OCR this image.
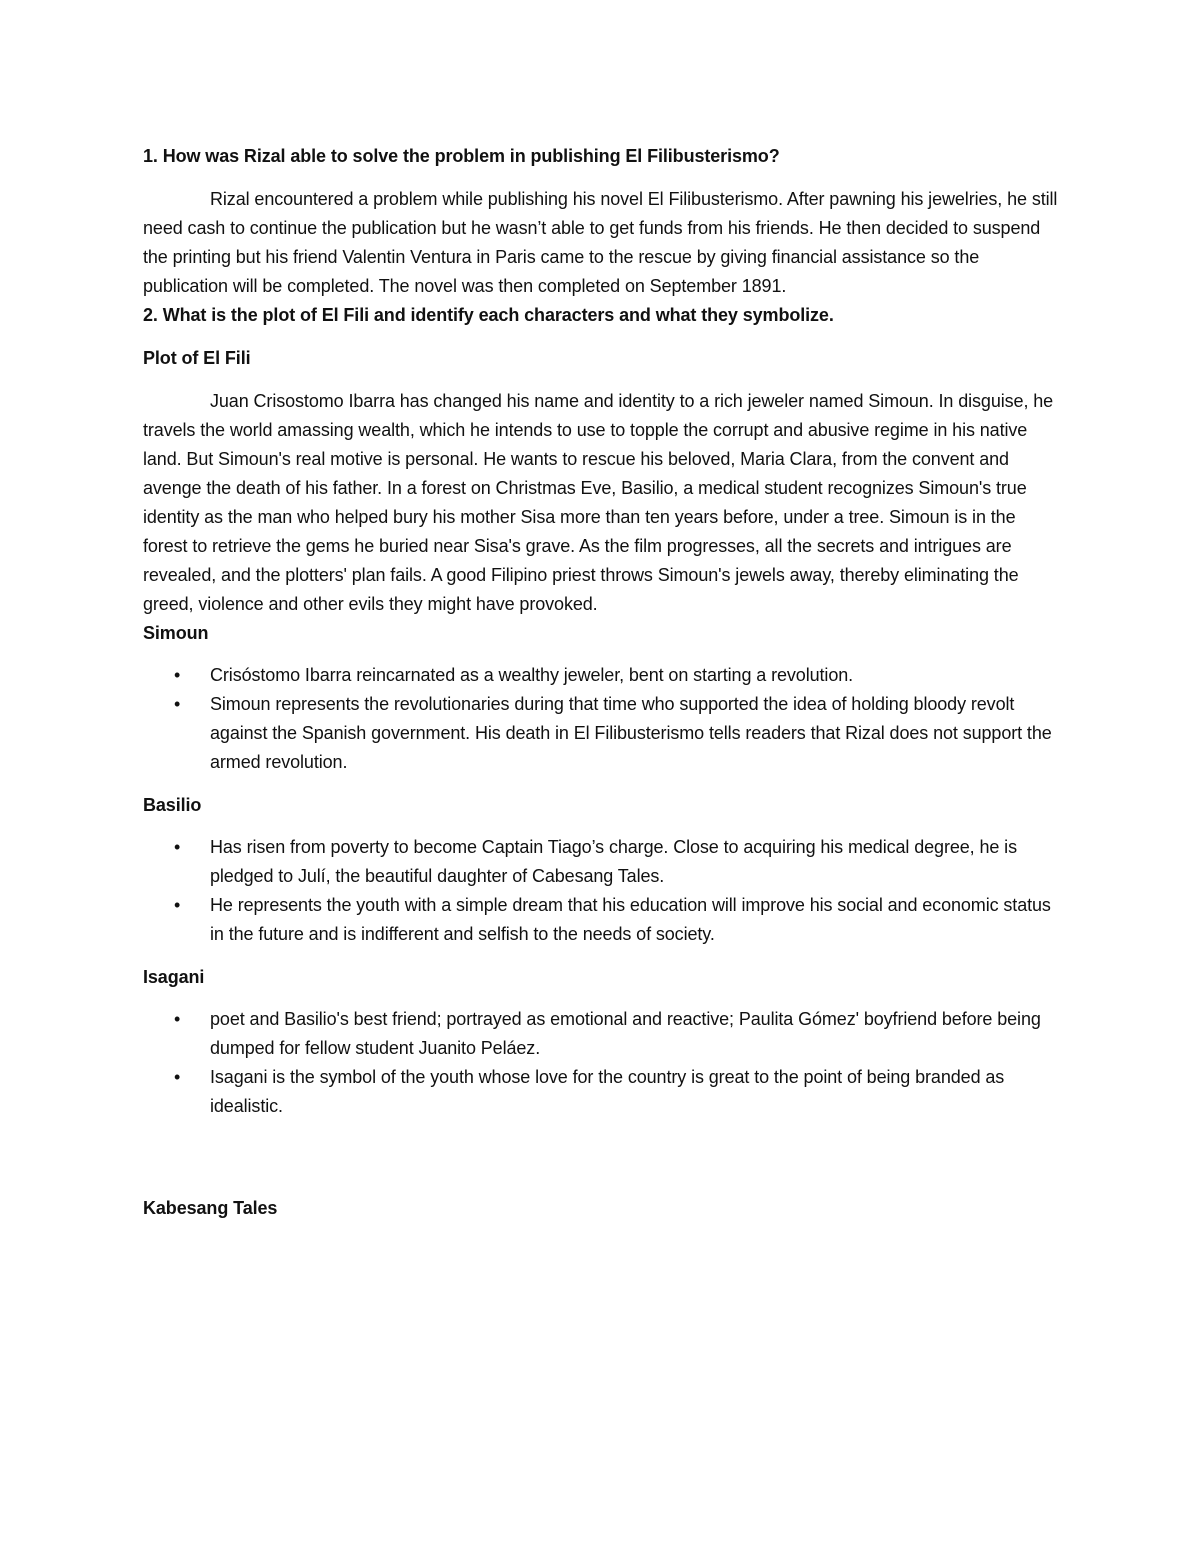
1. How was Rizal able to solve the problem in publishing El Filibusterismo?

Rizal encountered a problem while publishing his novel El Filibusterismo. After pawning his jewelries, he still need cash to continue the publication but he wasn’t able to get funds from his friends. He then decided to suspend the printing but his friend Valentin Ventura in Paris came to the rescue by giving financial assistance so the publication will be completed. The novel was then completed on September 1891.

2. What is the plot of El Fili and identify each characters and what they symbolize.
Plot of El Fili

Juan Crisostomo Ibarra has changed his name and identity to a rich jeweler named Simoun. In disguise, he travels the world amassing wealth, which he intends to use to topple the corrupt and abusive regime in his native land. But Simoun's real motive is personal. He wants to rescue his beloved, Maria Clara, from the convent and avenge the death of his father. In a forest on Christmas Eve, Basilio, a medical student recognizes Simoun's true identity as the man who helped bury his mother Sisa more than ten years before, under a tree. Simoun is in the forest to retrieve the gems he buried near Sisa's grave. As the film progresses, all the secrets and intrigues are revealed, and the plotters' plan fails. A good Filipino priest throws Simoun's jewels away, thereby eliminating the greed, violence and other evils they might have provoked.

Simoun
• Crisóstomo Ibarra reincarnated as a wealthy jeweler, bent on starting a revolution.
• Simoun represents the revolutionaries during that time who supported the idea of holding bloody revolt against the Spanish government. His death in El Filibusterismo tells readers that Rizal does not support the armed revolution.
Basilio
• Has risen from poverty to become Captain Tiago’s charge. Close to acquiring his medical degree, he is pledged to Julí, the beautiful daughter of Cabesang Tales.
• He represents the youth with a simple dream that his education will improve his social and economic status in the future and is indifferent and selfish to the needs of society.
Isagani
• poet and Basilio's best friend; portrayed as emotional and reactive; Paulita Gómez' boyfriend before being dumped for fellow student Juanito Peláez.
• Isagani is the symbol of the youth whose love for the country is great to the point of being branded as idealistic.
Kabesang Tales
